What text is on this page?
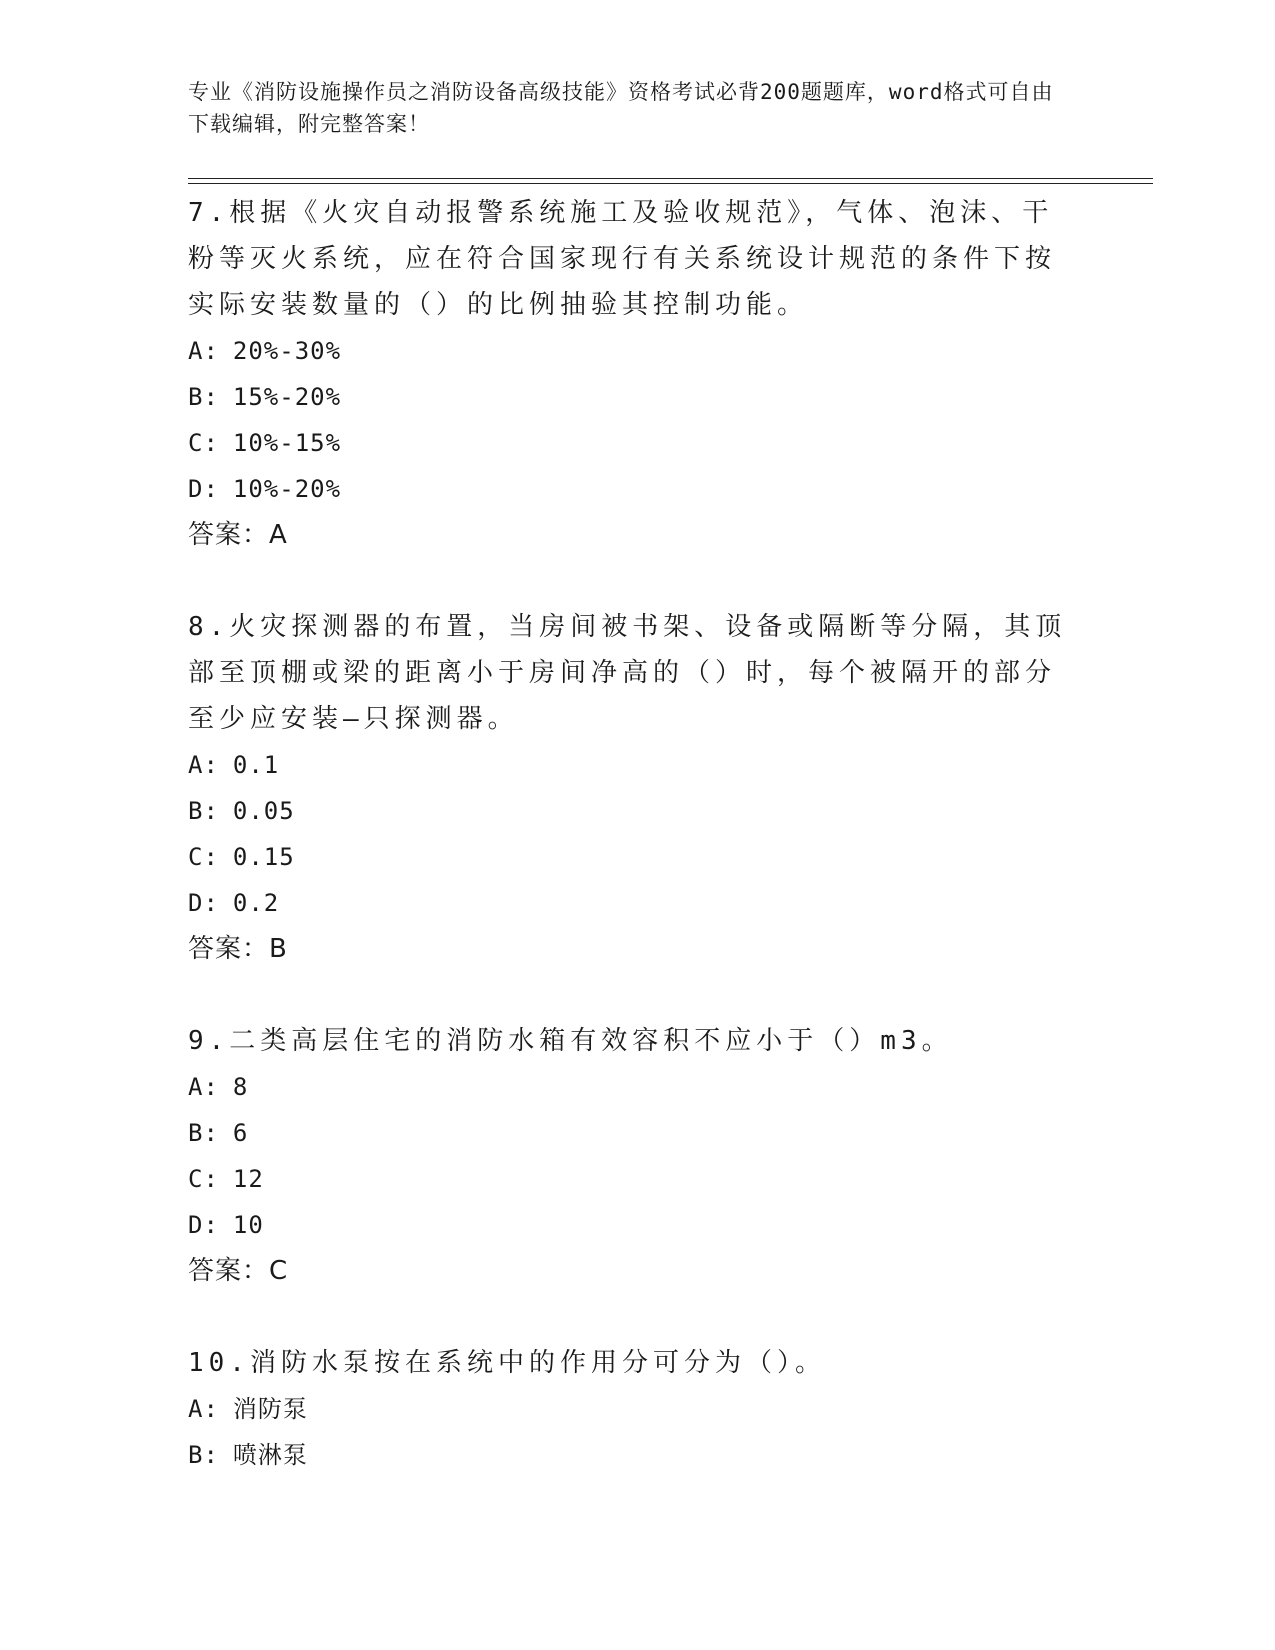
专业《消防设施操作员之消防设备高级技能》资格考试必背200题题库，word格式可自由下载编辑，附完整答案！
7.根据《火灾自动报警系统施工及验收规范》，气体、泡沫、干粉等灭火系统，应在符合国家现行有关系统设计规范的条件下按实际安装数量的（）的比例抽验其控制功能。
A: 20%-30%
B: 15%-20%
C: 10%-15%
D: 10%-20%
答案：A
8.火灾探测器的布置，当房间被书架、设备或隔断等分隔，其顶部至顶棚或梁的距离小于房间净高的（）时，每个被隔开的部分至少应安装—只探测器。
A: 0.1
B: 0.05
C: 0.15
D: 0.2
答案：B
9.二类高层住宅的消防水箱有效容积不应小于（）m3。
A: 8
B: 6
C: 12
D: 10
答案：C
10.消防水泵按在系统中的作用分可分为（）。
A: 消防泵
B: 喷淋泵
